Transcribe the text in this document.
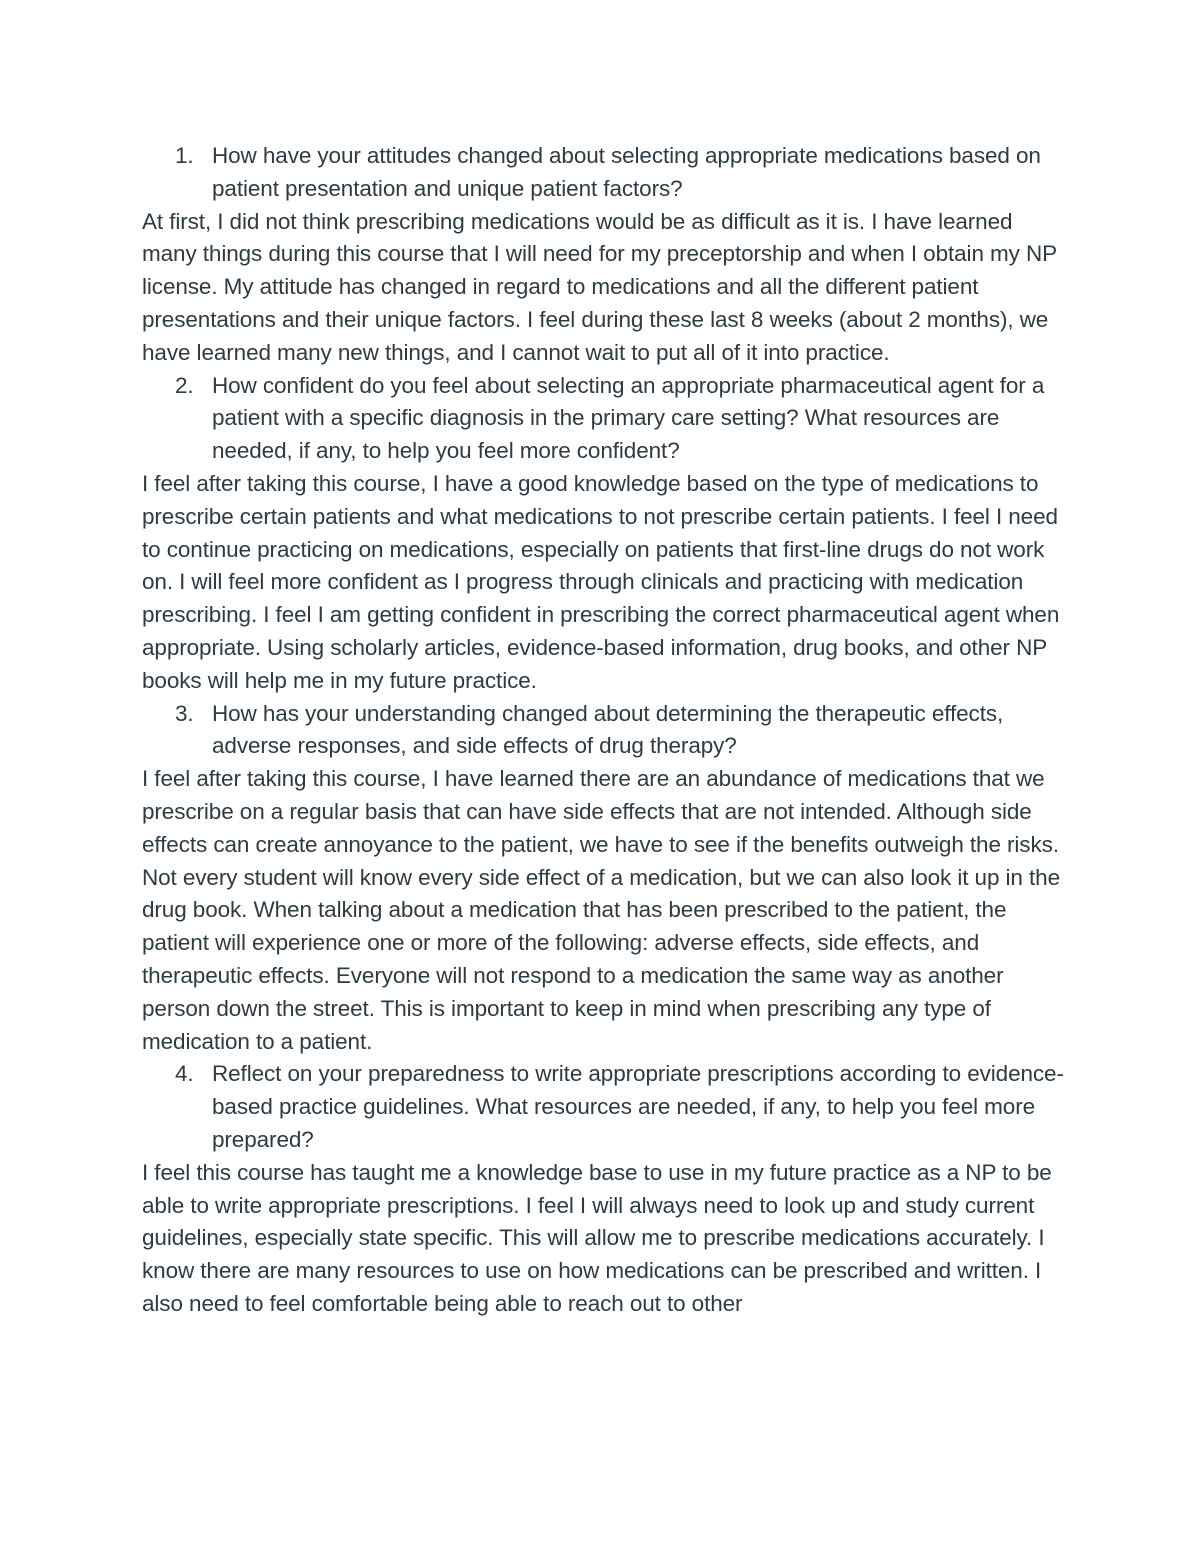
1. How have your attitudes changed about selecting appropriate medications based on patient presentation and unique patient factors?

At first, I did not think prescribing medications would be as difficult as it is. I have learned many things during this course that I will need for my preceptorship and when I obtain my NP license. My attitude has changed in regard to medications and all the different patient presentations and their unique factors. I feel during these last 8 weeks (about 2 months), we have learned many new things, and I cannot wait to put all of it into practice.

2. How confident do you feel about selecting an appropriate pharmaceutical agent for a patient with a specific diagnosis in the primary care setting? What resources are needed, if any, to help you feel more confident?

I feel after taking this course, I have a good knowledge based on the type of medications to prescribe certain patients and what medications to not prescribe certain patients. I feel I need to continue practicing on medications, especially on patients that first-line drugs do not work on. I will feel more confident as I progress through clinicals and practicing with medication prescribing. I feel I am getting confident in prescribing the correct pharmaceutical agent when appropriate. Using scholarly articles, evidence-based information, drug books, and other NP books will help me in my future practice.

3. How has your understanding changed about determining the therapeutic effects, adverse responses, and side effects of drug therapy?

I feel after taking this course, I have learned there are an abundance of medications that we prescribe on a regular basis that can have side effects that are not intended. Although side effects can create annoyance to the patient, we have to see if the benefits outweigh the risks. Not every student will know every side effect of a medication, but we can also look it up in the drug book. When talking about a medication that has been prescribed to the patient, the patient will experience one or more of the following: adverse effects, side effects, and therapeutic effects. Everyone will not respond to a medication the same way as another person down the street. This is important to keep in mind when prescribing any type of medication to a patient.

4. Reflect on your preparedness to write appropriate prescriptions according to evidence-based practice guidelines. What resources are needed, if any, to help you feel more prepared?

I feel this course has taught me a knowledge base to use in my future practice as a NP to be able to write appropriate prescriptions. I feel I will always need to look up and study current guidelines, especially state specific. This will allow me to prescribe medications accurately. I know there are many resources to use on how medications can be prescribed and written. I also need to feel comfortable being able to reach out to other
